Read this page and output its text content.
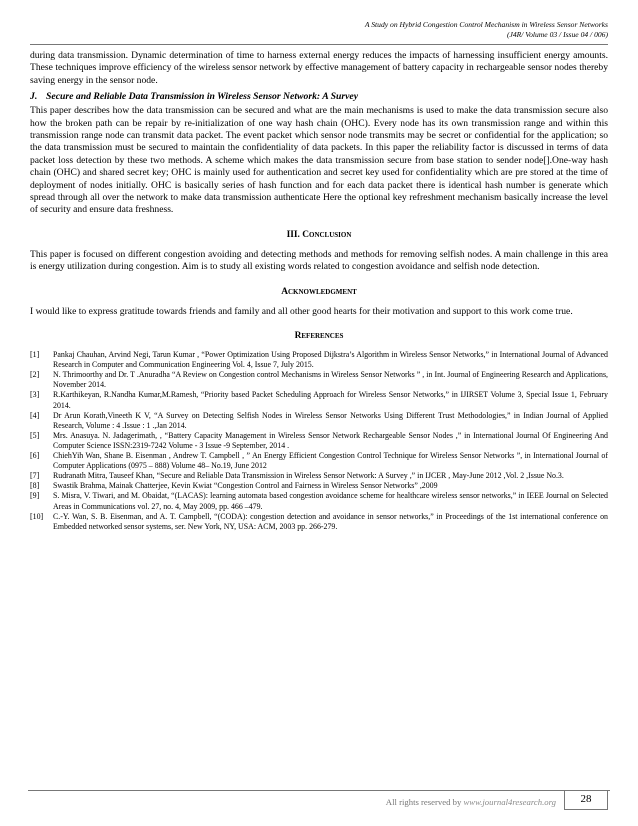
A Study on Hybrid Congestion Control Mechanism in Wireless Sensor Networks
(J4R/ Volume 03 / Issue 04 / 006)

during data transmission. Dynamic determination of time to harness external energy reduces the impacts of harnessing insufficient energy amounts. These techniques improve efficiency of the wireless sensor network by effective management of battery capacity in rechargeable sensor nodes thereby saving energy in the sensor node.

J. Secure and Reliable Data Transmission in Wireless Sensor Network: A Survey

This paper describes how the data transmission can be secured and what are the main mechanisms is used to make the data transmission secure also how the broken path can be repair by re-initialization of one way hash chain (OHC). Every node has its own transmission range and within this transmission range node can transmit data packet. The event packet which sensor node transmits may be secret or confidential for the application; so the data transmission must be secured to maintain the confidentiality of data packets. In this paper the reliability factor is discussed in terms of data packet loss detection by these two methods. A scheme which makes the data transmission secure from base station to sender node[].One-way hash chain (OHC) and shared secret key; OHC is mainly used for authentication and secret key used for confidentiality which are pre stored at the time of deployment of nodes initially. OHC is basically series of hash function and for each data packet there is identical hash number is generate which spread through all over the network to make data transmission authenticate Here the optional key refreshment mechanism basically increase the level of security and ensure data freshness.

III. Conclusion

This paper is focused on different congestion avoiding and detecting methods and methods for removing selfish nodes. A main challenge in this area is energy utilization during congestion. Aim is to study all existing words related to congestion avoidance and selfish node detection.

Acknowledgment

I would like to express gratitude towards friends and family and all other good hearts for their motivation and support to this work come true.

References
[1] Pankaj Chauhan, Arvind Negi, Tarun Kumar , “Power Optimization Using Proposed Dijkstra’s Algorithm in Wireless Sensor Networks,” in International Journal of Advanced Research in Computer and Communication Engineering Vol. 4, Issue 7, July 2015.
[2] N. Thrimoorthy and Dr. T .Anuradha “A Review on Congestion control Mechanisms in Wireless Sensor Networks ” , in Int. Journal of Engineering Research and Applications, November 2014.
[3] R.Karthikeyan, R.Nandha Kumar,M.Ramesh, “Priority based Packet Scheduling Approach for Wireless Sensor Networks,” in IJIRSET Volume 3, Special Issue 1, February 2014.
[4] Dr Arun Korath,Vineeth K V, “A Survey on Detecting Selfish Nodes in Wireless Sensor Networks Using Different Trust Methodologies,” in Indian Journal of Applied Research, Volume : 4 .Issue : 1 .,Jan 2014.
[5] Mrs. Anasuya. N. Jadagerimath, , “Battery Capacity Management in Wireless Sensor Network Rechargeable Sensor Nodes ,” in International Journal Of Engineering And Computer Science ISSN:2319-7242 Volume - 3 Issue -9 September, 2014 .
[6] ChiehYih Wan, Shane B. Eisenman , Andrew T. Campbell , ” An Energy Efficient Congestion Control Technique for Wireless Sensor Networks ”, in International Journal of Computer Applications (0975 – 888) Volume 48– No.19, June 2012
[7] Rudranath Mitra, Tauseef Khan, “Secure and Reliable Data Transmission in Wireless Sensor Network: A Survey ,” in IJCER , May-June 2012 ,Vol. 2 ,Issue No.3.
[8] Swastik Brahma, Mainak Chatterjee, Kevin Kwiat “Congestion Control and Fairness in Wireless Sensor Networks” ,2009
[9] S. Misra, V. Tiwari, and M. Obaidat, “(LACAS): learning automata based congestion avoidance scheme for healthcare wireless sensor networks,” in IEEE Journal on Selected Areas in Communications vol. 27, no. 4, May 2009, pp. 466 –479.
[10] C.-Y. Wan, S. B. Eisenman, and A. T. Campbell, “(CODA): congestion detection and avoidance in sensor networks,” in Proceedings of the 1st international conference on Embedded networked sensor systems, ser. New York, NY, USA: ACM, 2003 pp. 266-279.
All rights reserved by www.journal4research.org	28
